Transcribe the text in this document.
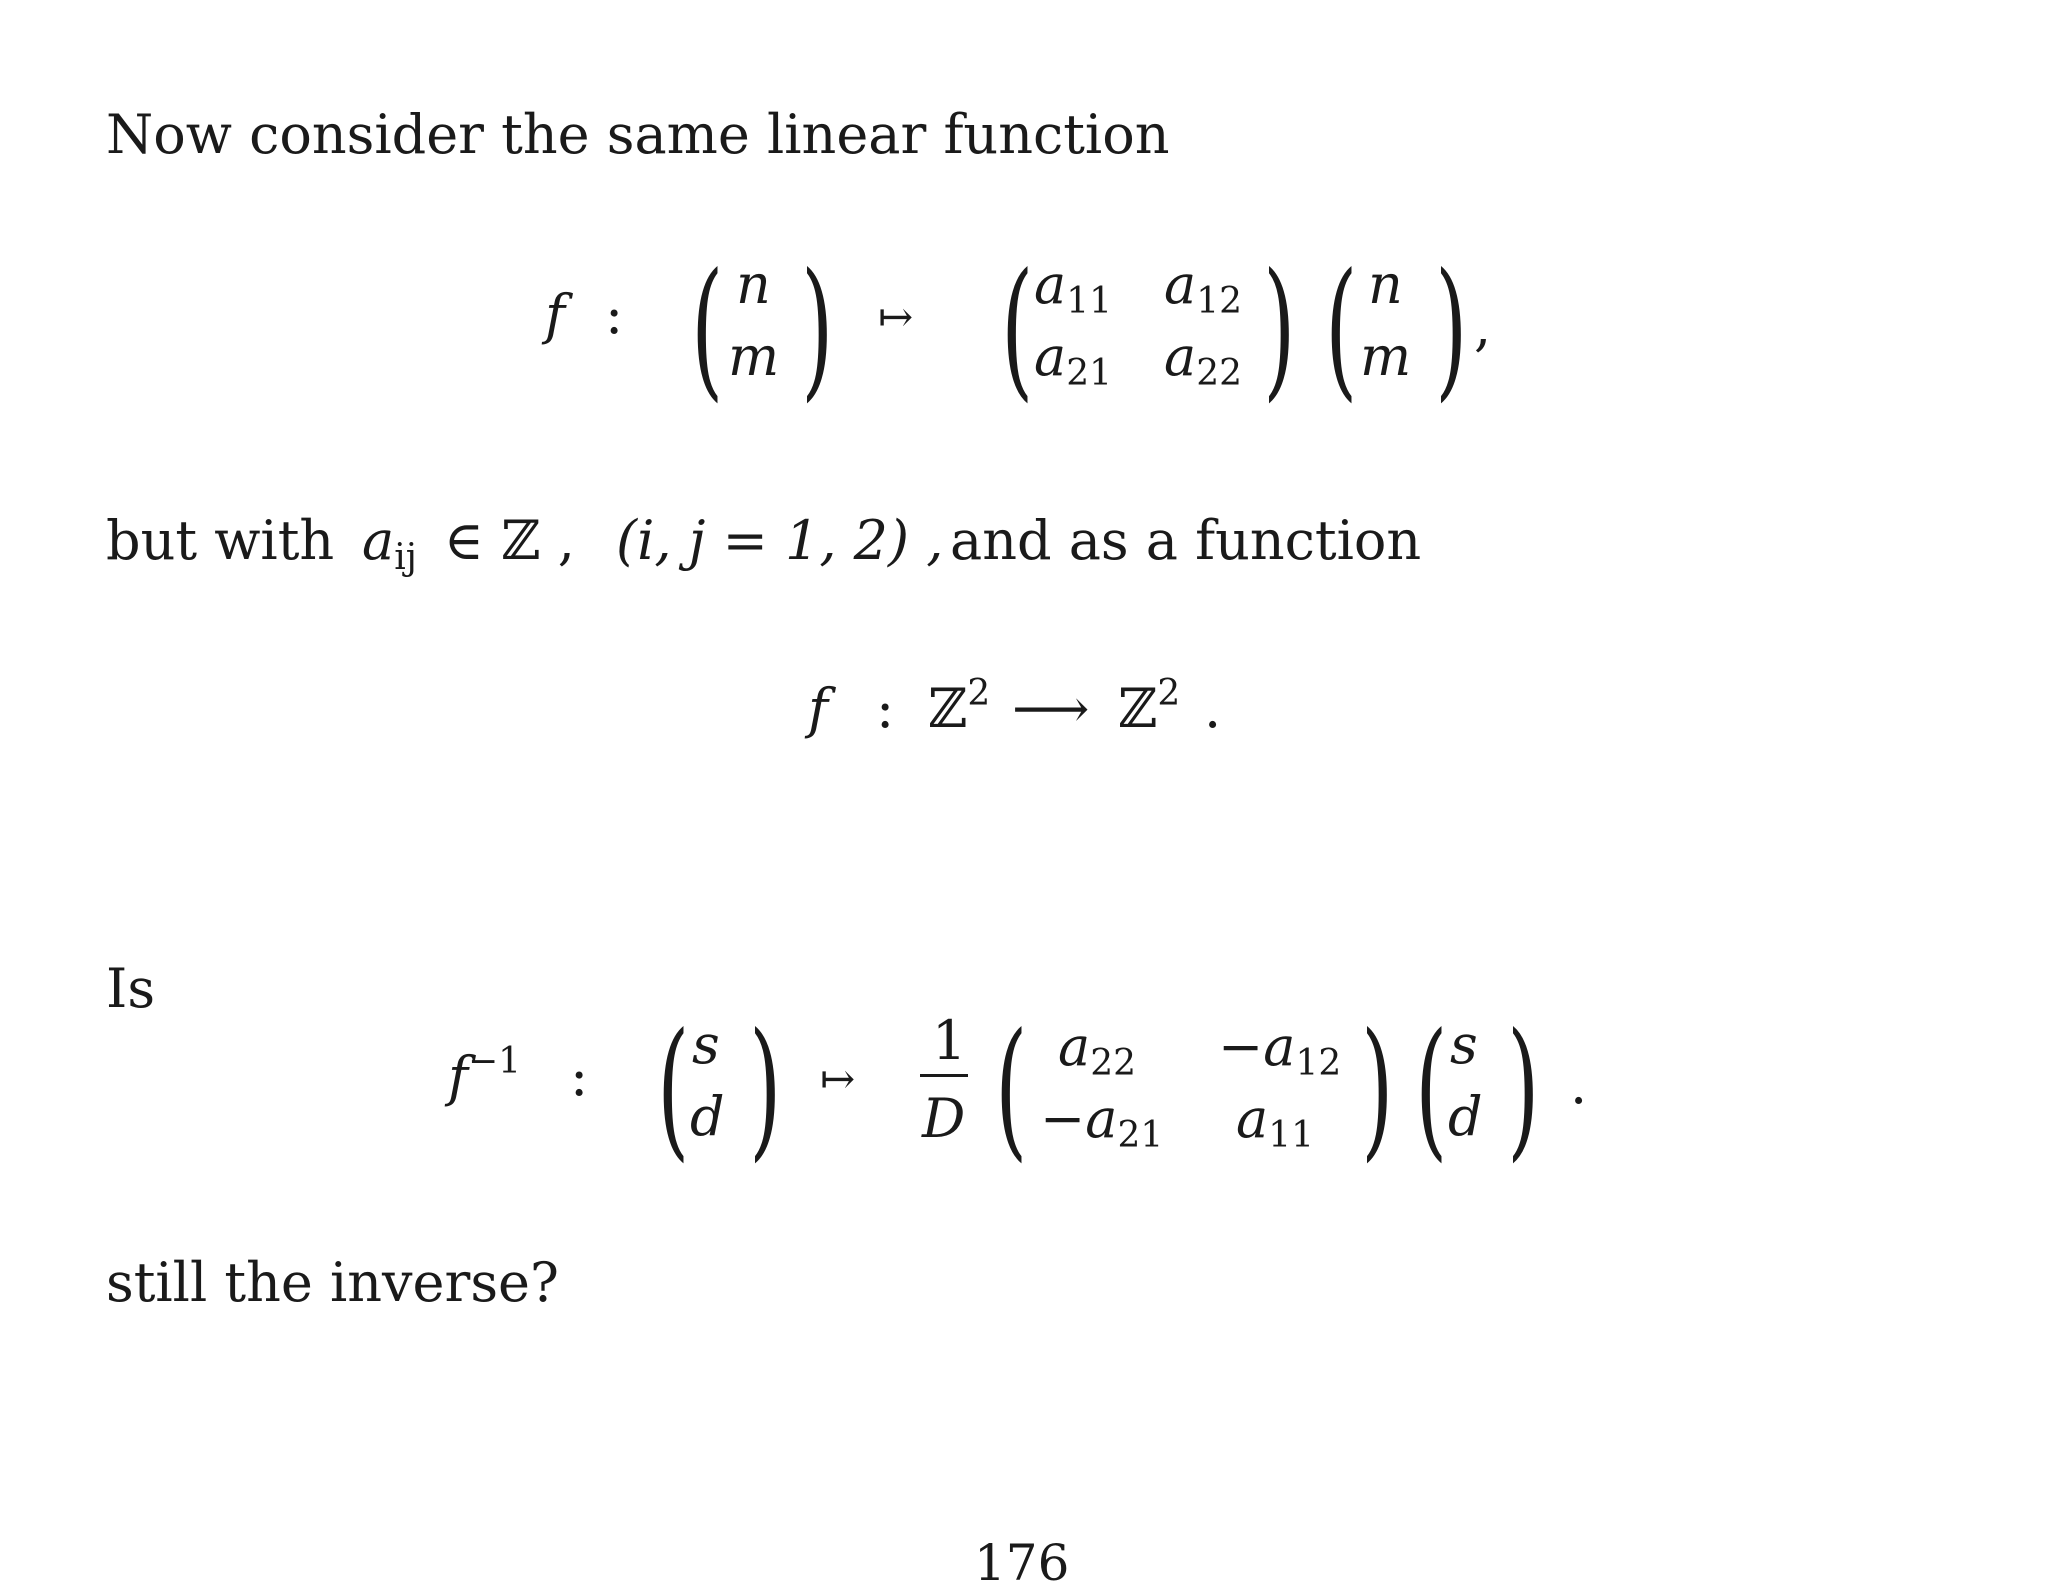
Now consider the same linear function
f : ( n
m ) ↦ ( a11 a12
a21 a22 ) ( n
m ) ,
but with aij ∈ ℤ , (i, j = 1, 2) , and as a function
f : ℤ$^2$ ⟶ ℤ$^2$ .
Is
$f^{-1}$ : ( s
d ) ↦
1
D ( a22 −a12
−a21 a11 ) ( s
d ) .
still the inverse?
176
